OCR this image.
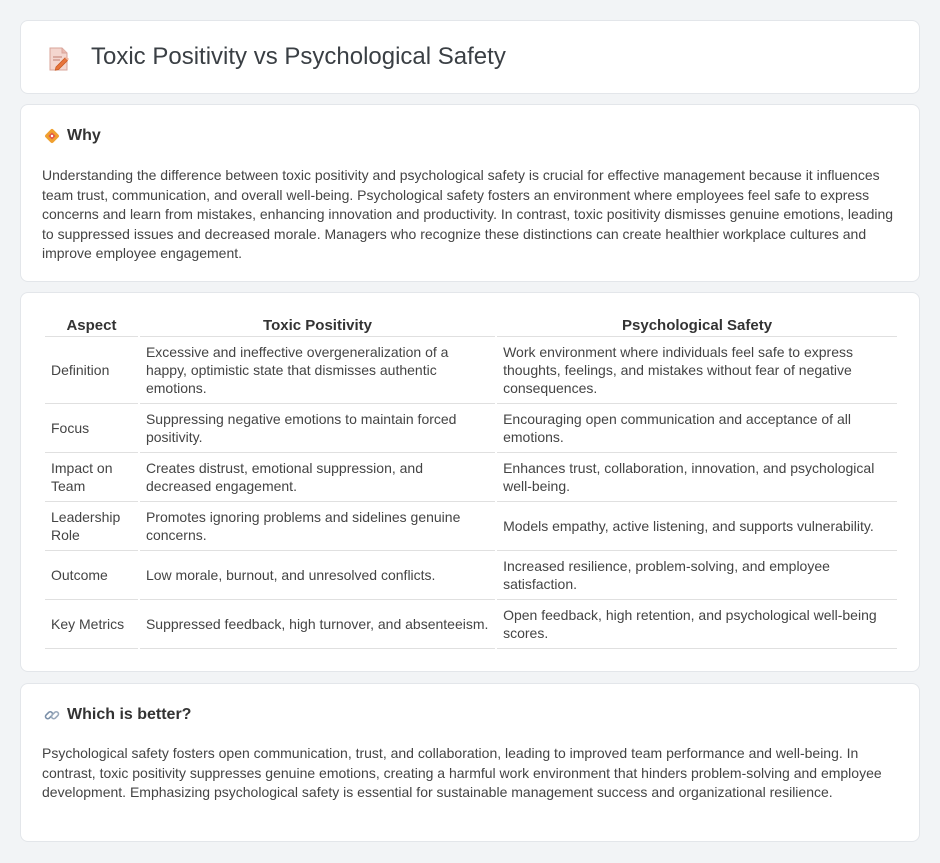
Toxic Positivity vs Psychological Safety
Why

Understanding the difference between toxic positivity and psychological safety is crucial for effective management because it influences team trust, communication, and overall well-being. Psychological safety fosters an environment where employees feel safe to express concerns and learn from mistakes, enhancing innovation and productivity. In contrast, toxic positivity dismisses genuine emotions, leading to suppressed issues and decreased morale. Managers who recognize these distinctions can create healthier workplace cultures and improve employee engagement.

Aspect	Toxic Positivity	Psychological Safety
Definition	Excessive and ineffective overgeneralization of a happy, optimistic state that dismisses authentic emotions.	Work environment where individuals feel safe to express thoughts, feelings, and mistakes without fear of negative consequences.
Focus	Suppressing negative emotions to maintain forced positivity.	Encouraging open communication and acceptance of all emotions.
Impact on Team	Creates distrust, emotional suppression, and decreased engagement.	Enhances trust, collaboration, innovation, and psychological well-being.
Leadership Role	Promotes ignoring problems and sidelines genuine concerns.	Models empathy, active listening, and supports vulnerability.
Outcome	Low morale, burnout, and unresolved conflicts.	Increased resilience, problem-solving, and employee satisfaction.
Key Metrics	Suppressed feedback, high turnover, and absenteeism.	Open feedback, high retention, and psychological well-being scores.
Which is better?

Psychological safety fosters open communication, trust, and collaboration, leading to improved team performance and well-being. In contrast, toxic positivity suppresses genuine emotions, creating a harmful work environment that hinders problem-solving and employee development. Emphasizing psychological safety is essential for sustainable management success and organizational resilience.
